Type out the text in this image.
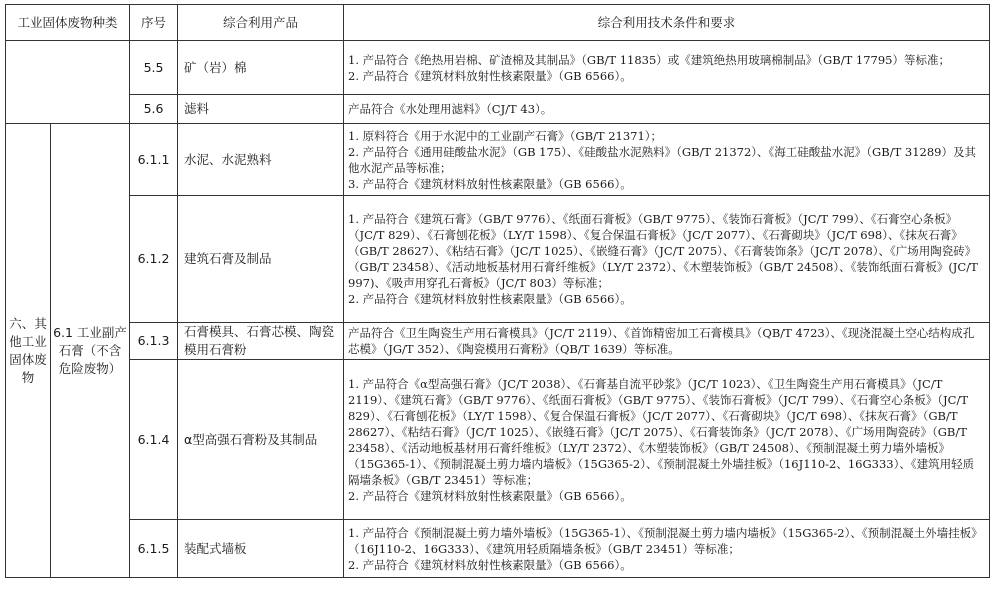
工业固体废物种类		序号	综合利用产品	综合利用技术条件和要求
		5.5	矿（岩）棉	1. 产品符合《绝热用岩棉、矿渣棉及其制品》（GB/T 11835）或《建筑绝热用玻璃棉制品》（GB/T 17795）等标准；
2. 产品符合《建筑材料放射性核素限量》（GB 6566）。

		5.6	滤料	产品符合《水处理用滤料》（CJ/T 43）。

六、其他工业固体废物	6.1 工业副产石膏（不含危险废物）	6.1.1	水泥、水泥熟料	1. 原料符合《用于水泥中的工业副产石膏》（GB/T 21371）；
2. 产品符合《通用硅酸盐水泥》（GB 175）、《硅酸盐水泥熟料》（GB/T 21372）、《海工硅酸盐水泥》（GB/T 31289）及其他水泥产品等标准；
3. 产品符合《建筑材料放射性核素限量》（GB 6566）。

		6.1.2	建筑石膏及制品	1. 产品符合《建筑石膏》（GB/T 9776）、《纸面石膏板》（GB/T 9775）、《装饰石膏板》（JC/T 799）、《石膏空心条板》（JC/T 829）、《石膏刨花板》（LY/T 1598）、《复合保温石膏板》（JC/T 2077）、《石膏砌块》（JC/T 698）、《抹灰石膏》（GB/T 28627）、《粘结石膏》（JC/T 1025）、《嵌缝石膏》（JC/T 2075）、《石膏装饰条》（JC/T 2078）、《广场用陶瓷砖》（GB/T 23458）、《活动地板基材用石膏纤维板》（LY/T 2372）、《木塑装饰板》（GB/T 24508）、《装饰纸面石膏板》(JC/T 997)、《吸声用穿孔石膏板》（JC/T 803）等标准；
2. 产品符合《建筑材料放射性核素限量》（GB 6566）。

		6.1.3	石膏模具、石膏芯模、陶瓷模用石膏粉	产品符合《卫生陶瓷生产用石膏模具》（JC/T 2119）、《首饰精密加工石膏模具》（QB/T 4723）、《现浇混凝土空心结构成孔芯模》（JG/T 352）、《陶瓷模用石膏粉》（QB/T 1639）等标准。

		6.1.4	α型高强石膏粉及其制品	1. 产品符合《α型高强石膏》（JC/T 2038）、《石膏基自流平砂浆》（JC/T 1023）、《卫生陶瓷生产用石膏模具》（JC/T 2119）、《建筑石膏》（GB/T 9776）、《纸面石膏板》（GB/T 9775）、《装饰石膏板》（JC/T 799）、《石膏空心条板》（JC/T 829）、《石膏刨花板》（LY/T 1598）、《复合保温石膏板》（JC/T 2077）、《石膏砌块》（JC/T 698）、《抹灰石膏》（GB/T 28627）、《粘结石膏》（JC/T 1025）、《嵌缝石膏》（JC/T 2075）、《石膏装饰条》（JC/T 2078）、《广场用陶瓷砖》（GB/T 23458）、《活动地板基材用石膏纤维板》（LY/T 2372）、《木塑装饰板》（GB/T 24508）、《预制混凝土剪力墙外墙板》（15G365-1）、《预制混凝土剪力墙内墙板》（15G365-2）、《预制混凝土外墙挂板》（16J110-2、16G333）、《建筑用轻质隔墙条板》（GB/T 23451）等标准；
2. 产品符合《建筑材料放射性核素限量》（GB 6566）。

		6.1.5	装配式墙板	1. 产品符合《预制混凝土剪力墙外墙板》（15G365-1）、《预制混凝土剪力墙内墙板》（15G365-2）、《预制混凝土外墙挂板》（16J110-2、16G333）、《建筑用轻质隔墙条板》（GB/T 23451）等标准；
2. 产品符合《建筑材料放射性核素限量》（GB 6566）。
